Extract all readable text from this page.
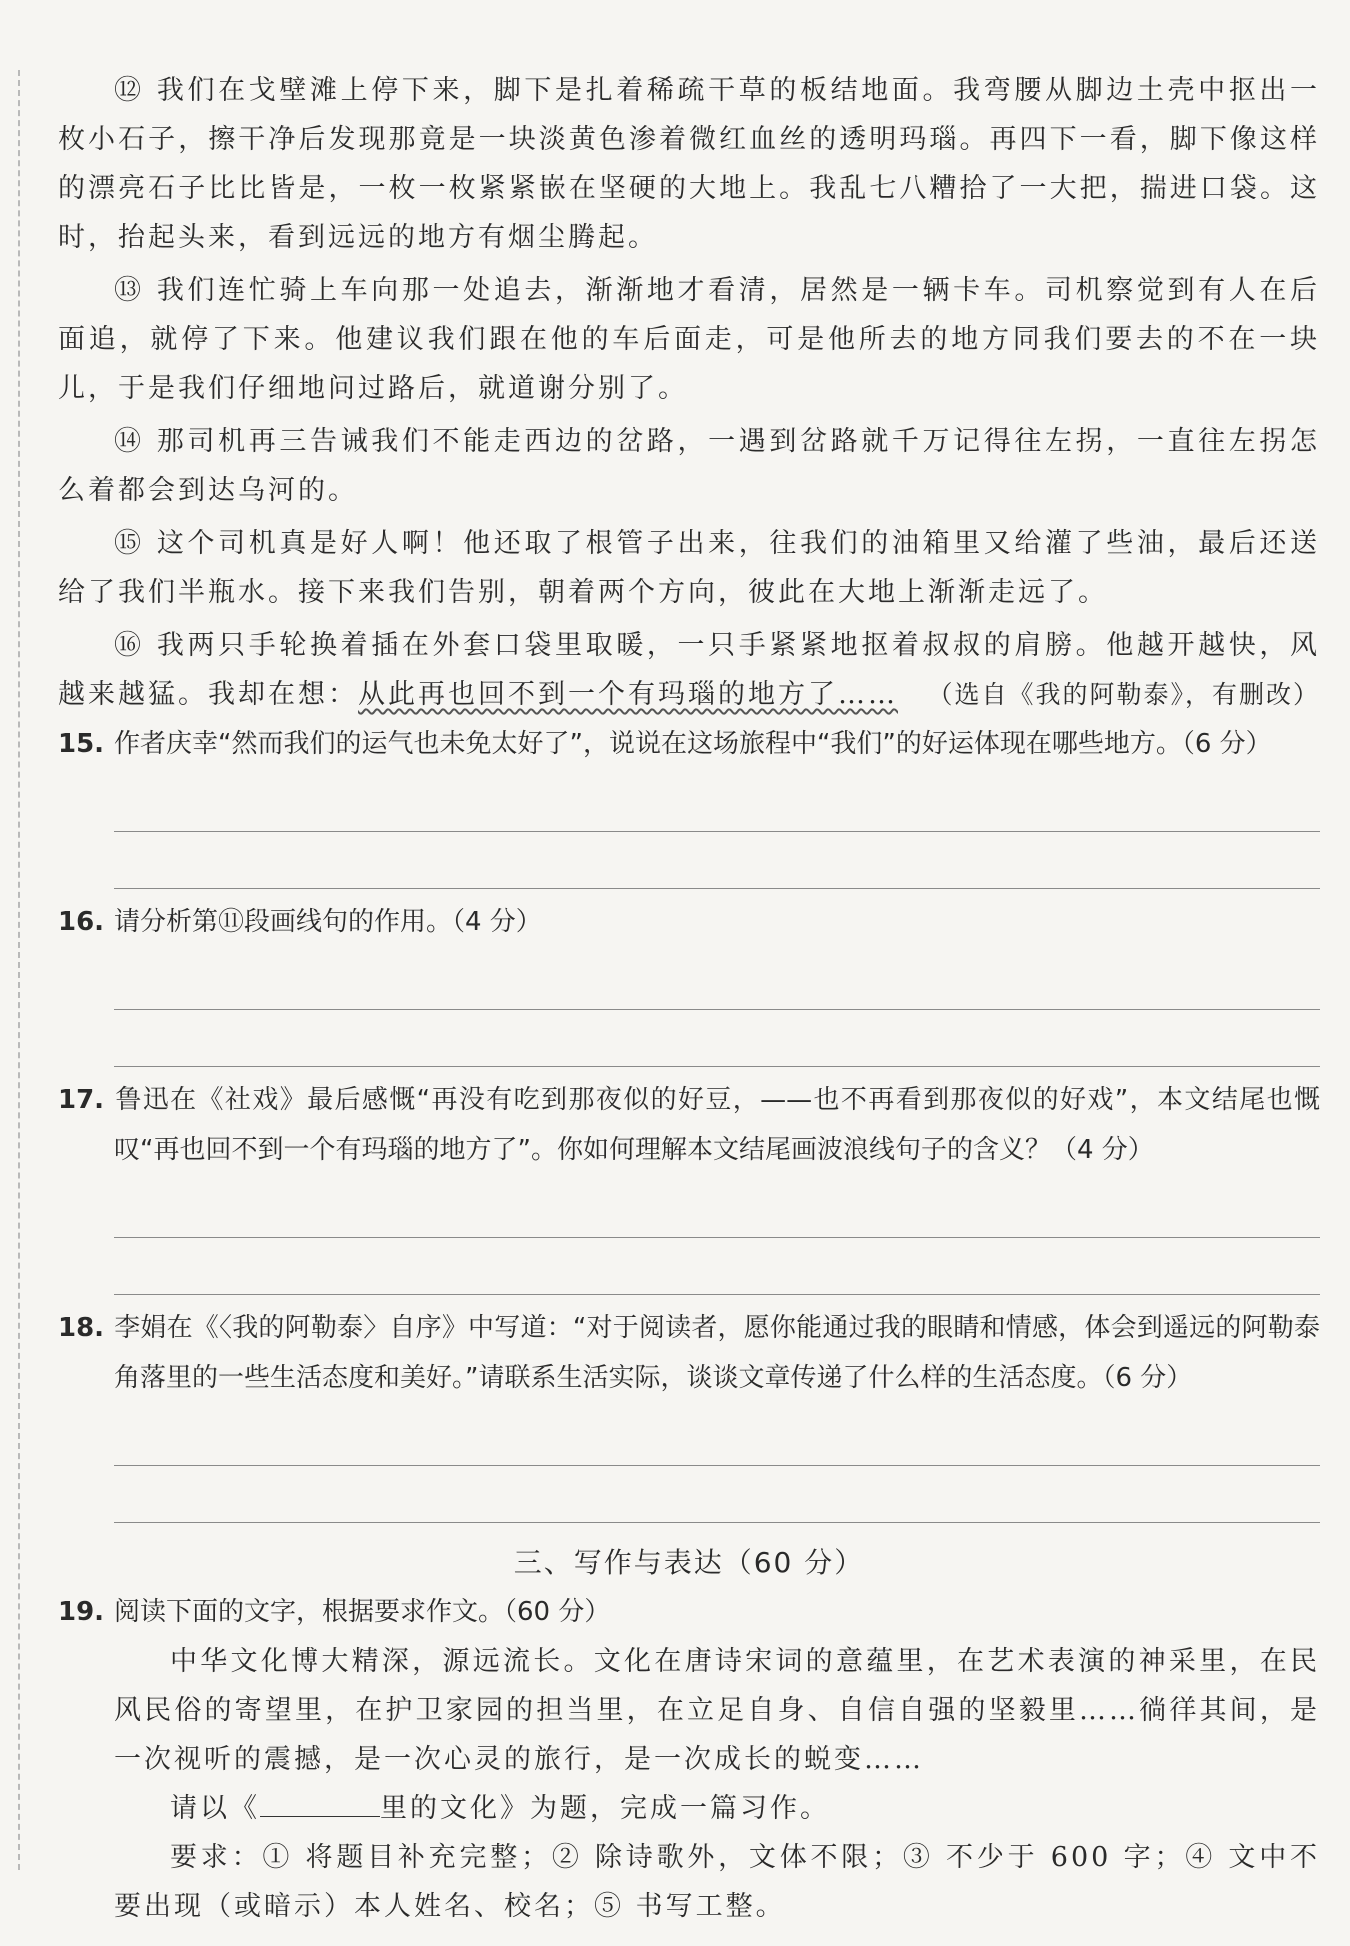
⑫ 我们在戈壁滩上停下来，脚下是扎着稀疏干草的板结地面。我弯腰从脚边土壳中抠出一枚小石子，擦干净后发现那竟是一块淡黄色渗着微红血丝的透明玛瑙。再四下一看，脚下像这样的漂亮石子比比皆是，一枚一枚紧紧嵌在坚硬的大地上。我乱七八糟拾了一大把，揣进口袋。这时，抬起头来，看到远远的地方有烟尘腾起。

⑬ 我们连忙骑上车向那一处追去，渐渐地才看清，居然是一辆卡车。司机察觉到有人在后面追，就停了下来。他建议我们跟在他的车后面走，可是他所去的地方同我们要去的不在一块儿，于是我们仔细地问过路后，就道谢分别了。

⑭ 那司机再三告诫我们不能走西边的岔路，一遇到岔路就千万记得往左拐，一直往左拐怎么着都会到达乌河的。

⑮ 这个司机真是好人啊！他还取了根管子出来，往我们的油箱里又给灌了些油，最后还送给了我们半瓶水。接下来我们告别，朝着两个方向，彼此在大地上渐渐走远了。

⑯ 我两只手轮换着插在外套口袋里取暖，一只手紧紧地抠着叔叔的肩膀。他越开越快，风越来越猛。我却在想：从此再也回不到一个有玛瑙的地方了…… （选自《我的阿勒泰》，有删改）

15. 作者庆幸“然而我们的运气也未免太好了”，说说在这场旅程中“我们”的好运体现在哪些地方。（6 分）

16. 请分析第⑪段画线句的作用。（4 分）

17. 鲁迅在《社戏》最后感慨“再没有吃到那夜似的好豆，——也不再看到那夜似的好戏”，本文结尾也慨叹“再也回不到一个有玛瑙的地方了”。你如何理解本文结尾画波浪线句子的含义？（4 分）

18. 李娟在《〈我的阿勒泰〉自序》中写道：“对于阅读者，愿你能通过我的眼睛和情感，体会到遥远的阿勒泰角落里的一些生活态度和美好。”请联系生活实际，谈谈文章传递了什么样的生活态度。（6 分）

三、写作与表达（60 分）

19. 阅读下面的文字，根据要求作文。（60 分）

中华文化博大精深，源远流长。文化在唐诗宋词的意蕴里，在艺术表演的神采里，在民风民俗的寄望里，在护卫家园的担当里，在立足自身、自信自强的坚毅里……徜徉其间，是一次视听的震撼，是一次心灵的旅行，是一次成长的蜕变……

请以《	里的文化》为题，完成一篇习作。

要求：① 将题目补充完整；② 除诗歌外，文体不限；③ 不少于 600 字；④ 文中不要出现（或暗示）本人姓名、校名；⑤ 书写工整。
